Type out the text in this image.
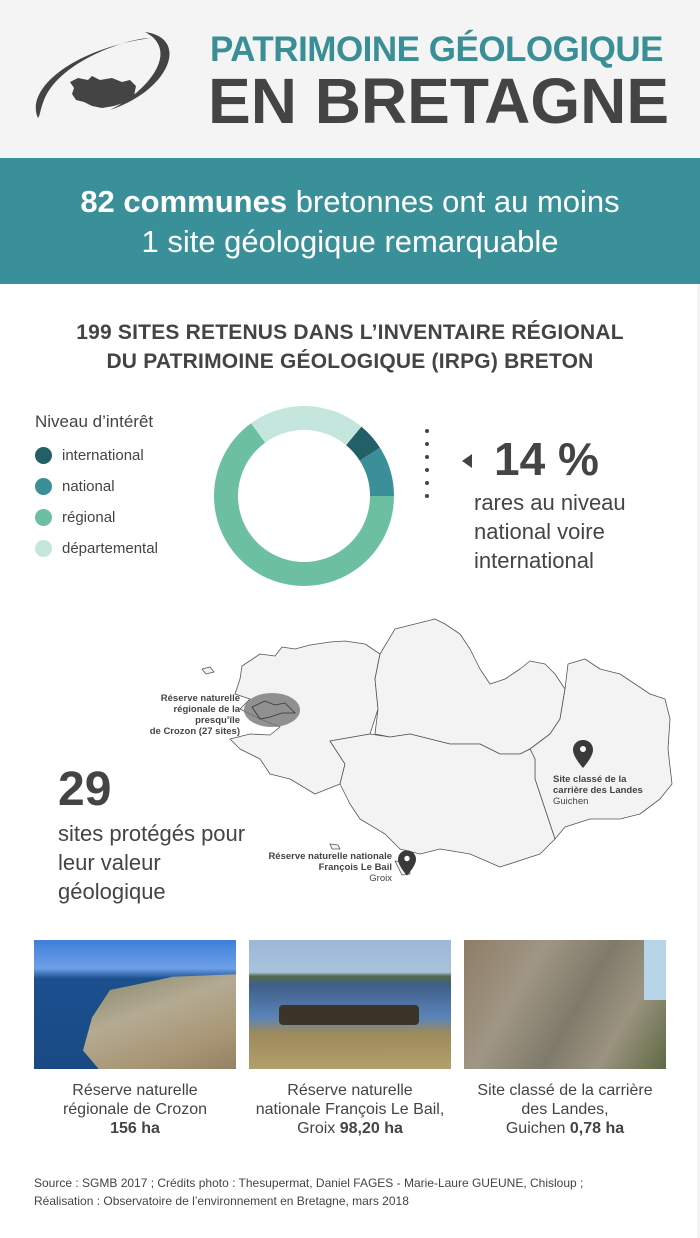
PATRIMOINE GÉOLOGIQUE
EN BRETAGNE
82 communes bretonnes ont au moins
1 site géologique remarquable
199 SITES RETENUS DANS L’INVENTAIRE RÉGIONAL
DU PATRIMOINE GÉOLOGIQUE (IRPG) BRETON
Niveau d’intérêt
international
national
régional
départemental
14 %
rares au niveau national voire international
Réserve naturelle
régionale de la presqu’île
de Crozon (27 sites)
Site classé de la
carrière des Landes
Guichen
Réserve naturelle nationale
François Le Bail
Groix
29
sites protégés pour leur valeur géologique
Réserve naturelle
régionale de Crozon
156 ha
Réserve naturelle
nationale François Le Bail,
Groix 98,20 ha
Site classé de la carrière
des Landes,
Guichen 0,78 ha
Source : SGMB 2017 ; Crédits photo : Thesupermat, Daniel FAGES - Marie-Laure GUEUNE, Chisloup ;
Réalisation : Observatoire de l’environnement en Bretagne, mars 2018
